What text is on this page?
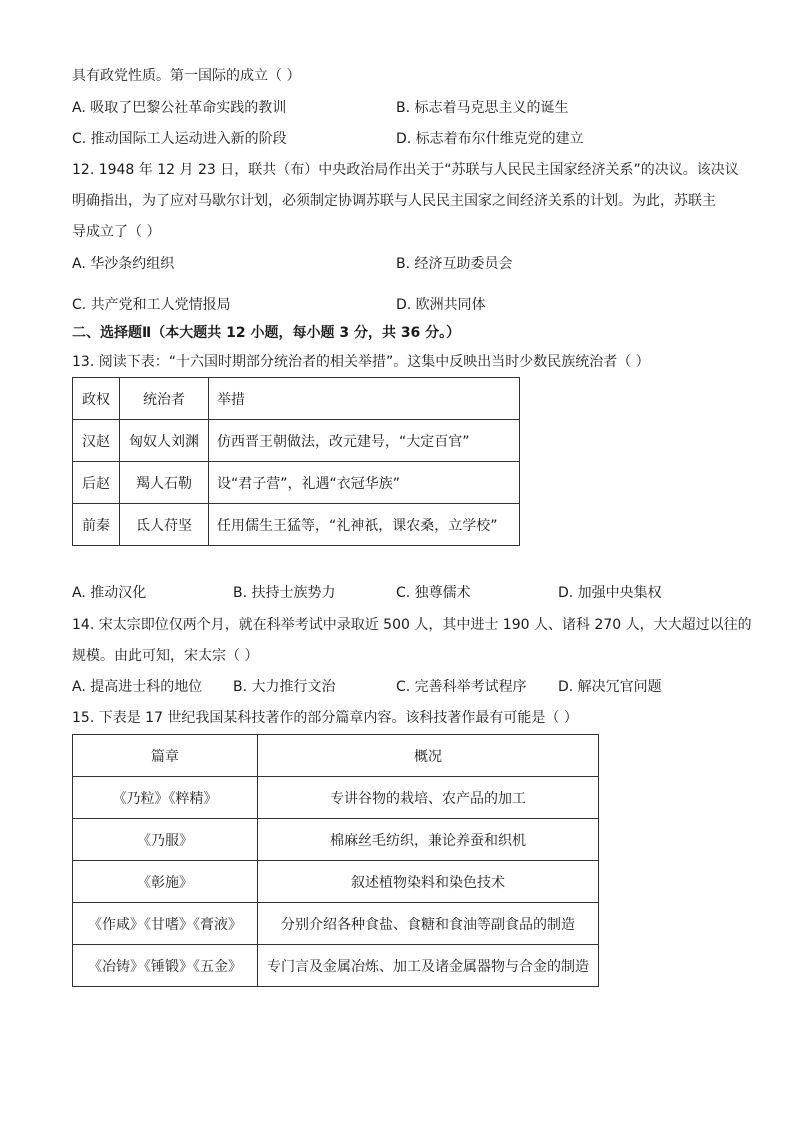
具有政党性质。第一国际的成立（ ）
A. 吸取了巴黎公社革命实践的教训	B. 标志着马克思主义的诞生
C. 推动国际工人运动进入新的阶段	D. 标志着布尔什维克党的建立
12. 1948 年 12 月 23 日，联共（布）中央政治局作出关于“苏联与人民民主国家经济关系”的决议。该决议
明确指出，为了应对马歇尔计划，必须制定协调苏联与人民民主国家之间经济关系的计划。为此，苏联主
导成立了（ ）
A. 华沙条约组织	B. 经济互助委员会
C. 共产党和工人党情报局	D. 欧洲共同体
二、选择题Ⅱ（本大题共 12 小题，每小题 3 分，共 36 分。）
13. 阅读下表：“十六国时期部分统治者的相关举措”。这集中反映出当时少数民族统治者（ ）
政权	统治者	举措
汉赵	匈奴人刘渊	仿西晋王朝做法，改元建号，“大定百官”
后赵	羯人石勒	设“君子营”，礼遇“衣冠华族”
前秦	氐人苻坚	任用儒生王猛等，“礼神祇，课农桑，立学校”
A. 推动汉化	B. 扶持士族势力	C. 独尊儒术	D. 加强中央集权
14. 宋太宗即位仅两个月，就在科举考试中录取近 500 人，其中进士 190 人、诸科 270 人，大大超过以往的
规模。由此可知，宋太宗（ ）
A. 提高进士科的地位 B. 大力推行文治	C. 完善科举考试程序 D. 解决冗官问题
15. 下表是 17 世纪我国某科技著作的部分篇章内容。该科技著作最有可能是（ ）
篇章	概况
《乃粒》《粹精》	专讲谷物的栽培、农产品的加工
《乃服》	棉麻丝毛纺织，兼论养蚕和织机
《彰施》	叙述植物染料和染色技术
《作咸》《甘嗜》《膏液》	分别介绍各种食盐、食糖和食油等副食品的制造
《冶铸》《锤锻》《五金》	专门言及金属冶炼、加工及诸金属器物与合金的制造
